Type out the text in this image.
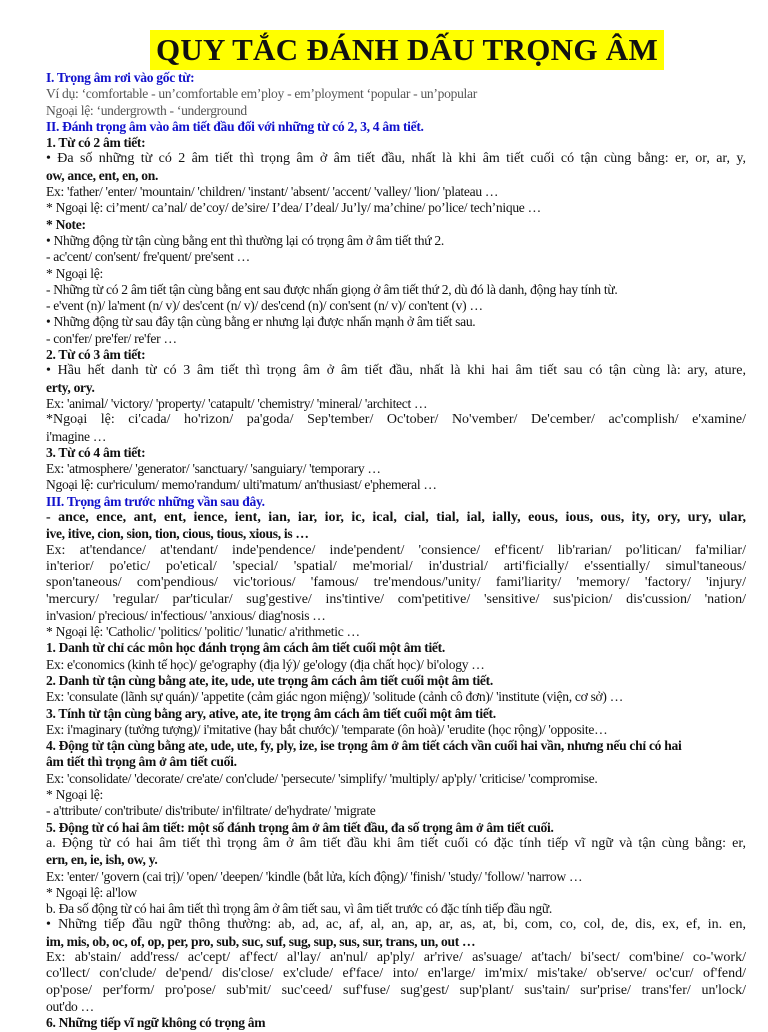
QUY TẮC ĐÁNH DẤU TRỌNG ÂM

I. Trọng âm rơi vào gốc từ:

Ví dụ: ‘comfortable - un’comfortable em’ploy - em’ployment ‘popular - un’popular

Ngoại lệ: ‘undergrowth - ‘underground

II. Đánh trọng âm vào âm tiết đầu đối với những từ có 2, 3, 4 âm tiết.

1. Từ có 2 âm tiết:

• Đa số những từ có 2 âm tiết thì trọng âm ở âm tiết đầu, nhất là khi âm tiết cuối có tận cùng bằng: er, or, ar, y,

ow, ance, ent, en, on.

Ex: 'father/ 'enter/ 'mountain/ 'children/ 'instant/ 'absent/ 'accent/ 'valley/ 'lion/ 'plateau …

* Ngoại lệ: ci’ment/ ca’nal/ de’coy/ de’sire/ I’dea/ I’deal/ Ju’ly/ ma’chine/ po’lice/ tech’nique …

* Note:

• Những động từ tận cùng bằng ent thì thường lại có trọng âm ở âm tiết thứ 2.

- ac'cent/ con'sent/ fre'quent/ pre'sent …

* Ngoại lệ:

- Những từ có 2 âm tiết tận cùng bằng ent sau được nhấn giọng ở âm tiết thứ 2, dù đó là danh, động hay tính từ.

- e'vent (n)/ la'ment (n/ v)/ des'cent (n/ v)/ des'cend (n)/ con'sent (n/ v)/ con'tent (v) …

• Những động từ sau đây tận cùng bằng er nhưng lại được nhấn mạnh ở âm tiết sau.

- con'fer/ pre'fer/ re'fer …

2. Từ có 3 âm tiết:

• Hầu hết danh từ có 3 âm tiết thì trọng âm ở âm tiết đầu, nhất là khi hai âm tiết sau có tận cùng là: ary, ature,

erty, ory.

Ex: 'animal/ 'victory/ 'property/ 'catapult/ 'chemistry/ 'mineral/ 'architect …

*Ngoại lệ: ci'cada/ ho'rizon/ pa'goda/ Sep'tember/ Oc'tober/ No'vember/ De'cember/ ac'complish/ e'xamine/

i'magine …

3. Từ có 4 âm tiết:

Ex: 'atmosphere/ 'generator/ 'sanctuary/ 'sanguiary/ 'temporary …

Ngoại lệ: cur'riculum/ memo'randum/ ulti'matum/ an'thusiast/ e'phemeral …

III. Trọng âm trước những vần sau đây.

- ance, ence, ant, ent, ience, ient, ian, iar, ior, ic, ical, cial, tial, ial, ially, eous, ious, ous, ity, ory, ury, ular,

ive, itive, cion, sion, tion, cious, tious, xious, is …

Ex: at'tendance/ at'tendant/ inde'pendence/ inde'pendent/ 'consience/ ef'ficent/ lib'rarian/ po'litican/ fa'miliar/

in'terior/ po'etic/ po'etical/ 'special/ 'spatial/ me'morial/ in'dustrial/ arti'ficially/ e'ssentially/ simul'taneous/

spon'taneous/ com'pendious/ vic'torious/ 'famous/ tre'mendous/'unity/ fami'liarity/ 'memory/ 'factory/ 'injury/

'mercury/ 'regular/ par'ticular/ sug'gestive/ ins'tintive/ com'petitive/ 'sensitive/ sus'picion/ dis'cussion/ 'nation/

in'vasion/ p'recious/ in'fectious/ 'anxious/ diag'nosis …

* Ngoại lệ: 'Catholic/ 'politics/ 'politic/ 'lunatic/ a'rithmetic …

1. Danh từ chỉ các môn học đánh trọng âm cách âm tiết cuối một âm tiết.

Ex: e'conomics (kinh tế học)/ ge'ography (địa lý)/ ge'ology (địa chất học)/ bi'ology …

2. Danh từ tận cùng bằng ate, ite, ude, ute trọng âm cách âm tiết cuối một âm tiết.

Ex: 'consulate (lãnh sự quán)/ 'appetite (cảm giác ngon miệng)/ 'solitude (cảnh cô đơn)/ 'institute (viện, cơ sở) …

3. Tính từ tận cùng bằng ary, ative, ate, ite trọng âm cách âm tiết cuối một âm tiết.

Ex: i'maginary (tưởng tượng)/ i'mitative (hay bắt chước)/ 'temparate (ôn hoà)/ 'erudite (học rộng)/ 'opposite…

4. Động từ tận cùng bằng ate, ude, ute, fy, ply, ize, ise trọng âm ở âm tiết cách vần cuối hai vần, nhưng nếu chỉ có hai

âm tiết thì trọng âm ở âm tiết cuối.

Ex: 'consolidate/ 'decorate/ cre'ate/ con'clude/ 'persecute/ 'simplify/ 'multiply/ ap'ply/ 'criticise/ 'compromise.

* Ngoại lệ:

- a'ttribute/ con'tribute/ dis'tribute/ in'filtrate/ de'hydrate/ 'migrate

5. Động từ có hai âm tiết: một số đánh trọng âm ở âm tiết đầu, đa số trọng âm ở âm tiết cuối.

a. Động từ có hai âm tiết thì trọng âm ở âm tiết đầu khi âm tiết cuối có đặc tính tiếp vĩ ngữ và tận cùng bằng: er,

ern, en, ie, ish, ow, y.

Ex: 'enter/ 'govern (cai trị)/ 'open/ 'deepen/ 'kindle (bắt lửa, kích động)/ 'finish/ 'study/ 'follow/ 'narrow …

* Ngoại lệ: al'low

b. Đa số động từ có hai âm tiết thì trọng âm ở âm tiết sau, vì âm tiết trước có đặc tính tiếp đầu ngữ.

• Những tiếp đầu ngữ thông thường: ab, ad, ac, af, al, an, ap, ar, as, at, bi, com, co, col, de, dis, ex, ef, in. en,

im, mis, ob, oc, of, op, per, pro, sub, suc, suf, sug, sup, sus, sur, trans, un, out …

Ex: ab'stain/ add'ress/ ac'cept/ af'fect/ al'lay/ an'nul/ ap'ply/ ar'rive/ as'suage/ at'tach/ bi'sect/ com'bine/ co-'work/

co'llect/ con'clude/ de'pend/ dis'close/ ex'clude/ ef'face/ into/ en'large/ im'mix/ mis'take/ ob'serve/ oc'cur/ of'fend/

op'pose/ per'form/ pro'pose/ sub'mit/ suc'ceed/ suf'fuse/ sug'gest/ sup'plant/ sus'tain/ sur'prise/ trans'fer/ un'lock/

out'do …

6. Những tiếp vĩ ngữ không có trọng âm
